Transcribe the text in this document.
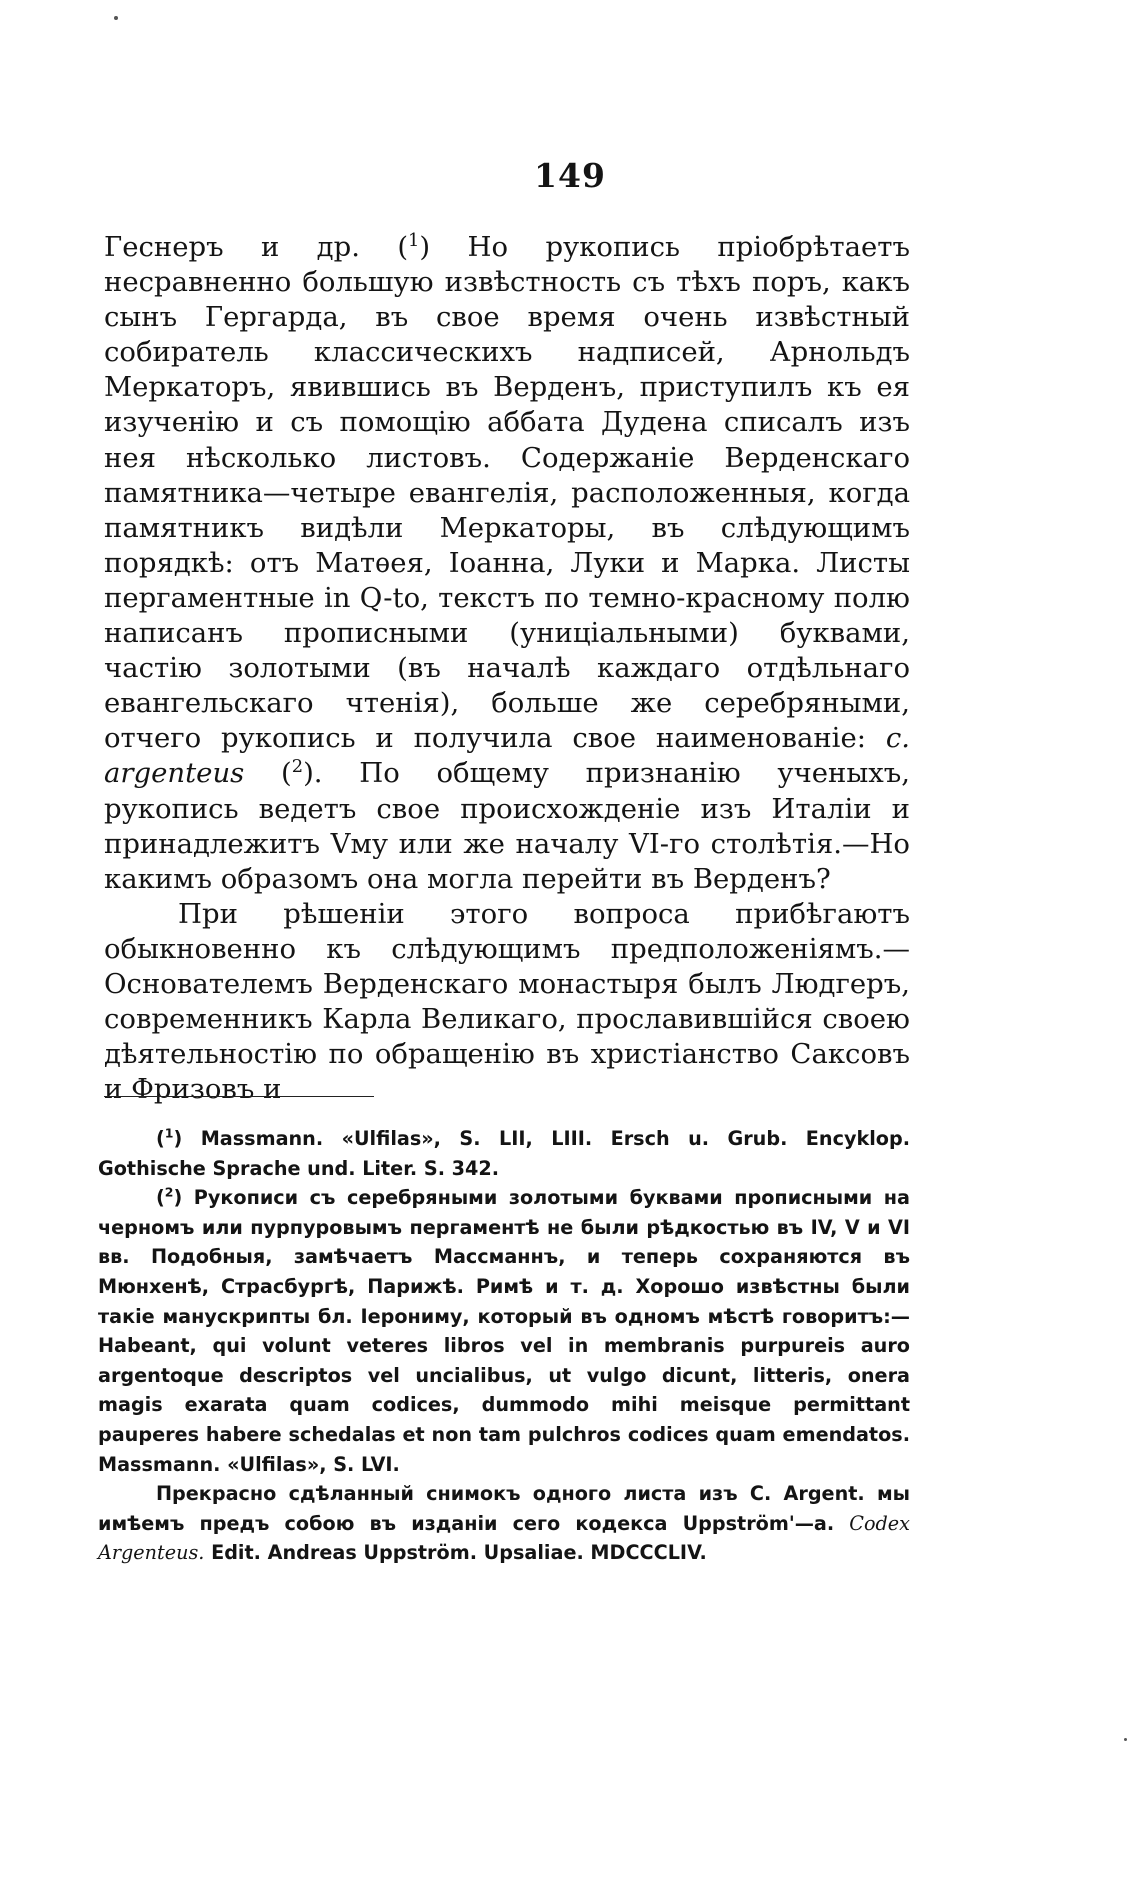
149

Геснеръ и др. ($^1$) Но рукопись пріобрѣтаетъ несравненно большую извѣстность съ тѣхъ поръ, какъ сынъ Гергарда, въ свое время очень извѣстный собиратель классическихъ надписей, Арнольдъ Меркаторъ, явившись въ Верденъ, приступилъ къ ея изученію и съ помощію аббата Дудена списалъ изъ нея нѣсколько листовъ. Содержаніе Верденскаго памятника—четыре евангелія, расположенныя, когда памятникъ видѣли Меркаторы, въ слѣдующимъ порядкѣ: отъ Матѳея, Іоанна, Луки и Марка. Листы пергаментные in Q-to, текстъ по темно-красному полю написанъ прописными (униціальными) буквами, частію золотыми (въ началѣ каждаго отдѣльнаго евангельскаго чтенія), больше же серебряными, отчего рукопись и получила свое наименованіе: c. argenteus ($^2$). По общему признанію ученыхъ, рукопись ведетъ свое происхожденіе изъ Италіи и принадлежитъ Vму или же началу VI-го столѣтія.—Но какимъ образомъ она могла перейти въ Верденъ?

При рѣшеніи этого вопроса прибѣгаютъ обыкновенно къ слѣдующимъ предположеніямъ.—Основателемъ Верденскаго монастыря былъ Людгеръ, современникъ Карла Великаго, прославившійся своею дѣятельностію по обращенію въ христіанство Саксовъ и Фризовъ и

($^1$) Massmann. «Ulfilas», S. LII, LIII. Ersch u. Grub. Encyklop. Gothische Sprache und. Liter. S. 342.

($^2$) Рукописи съ серебряными золотыми буквами прописными на черномъ или пурпуровымъ пергаментѣ не были рѣдкостью въ IV, V и VI вв. Подобныя, замѣчаетъ Массманнъ, и теперь сохраняются въ Мюнхенѣ, Страсбургѣ, Парижѣ. Римѣ и т. д. Хорошо извѣстны были такіе манускрипты бл. Іерониму, который въ одномъ мѣстѣ говоритъ:—Habeant, qui volunt veteres libros vel in membranis purpureis auro argentoque descriptos vel uncialibus, ut vulgo dicunt, litteris, onera magis exarata quam codices, dummodo mihi meisque permittant pauperes habere schedalas et non tam pulchros codices quam emendatos. Massmann. «Ulfilas», S. LVI.

Прекрасно сдѣланный снимокъ одного листа изъ C. Argent. мы имѣемъ предъ собою въ изданіи сего кодекса Uppström'—а. Codex Argenteus. Edit. Andreas Uppström. Upsaliae. MDCCCLIV.
